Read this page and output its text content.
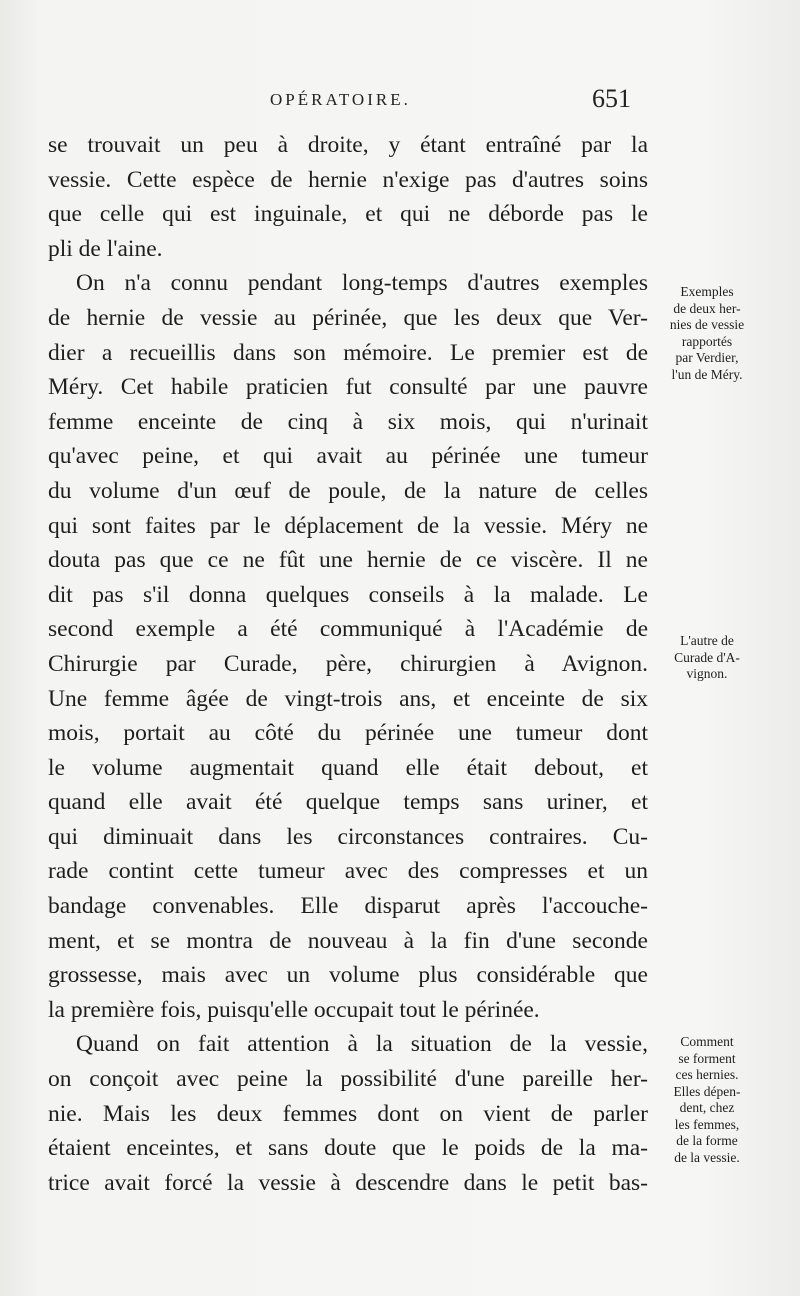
OPÉRATOIRE.	651
se trouvait un peu à droite, y étant entraîné par la
vessie. Cette espèce de hernie n'exige pas d'autres soins
que celle qui est inguinale, et qui ne déborde pas le
pli de l'aine.
On n'a connu pendant long-temps d'autres exemples
de hernie de vessie au périnée, que les deux que Ver-
dier a recueillis dans son mémoire. Le premier est de
Méry. Cet habile praticien fut consulté par une pauvre
femme enceinte de cinq à six mois, qui n'urinait
qu'avec peine, et qui avait au périnée une tumeur
du volume d'un œuf de poule, de la nature de celles
qui sont faites par le déplacement de la vessie. Méry ne
douta pas que ce ne fût une hernie de ce viscère. Il ne
dit pas s'il donna quelques conseils à la malade. Le
second exemple a été communiqué à l'Académie de
Chirurgie par Curade, père, chirurgien à Avignon.
Une femme âgée de vingt-trois ans, et enceinte de six
mois, portait au côté du périnée une tumeur dont
le volume augmentait quand elle était debout, et
quand elle avait été quelque temps sans uriner, et
qui diminuait dans les circonstances contraires. Cu-
rade contint cette tumeur avec des compresses et un
bandage convenables. Elle disparut après l'accouche-
ment, et se montra de nouveau à la fin d'une seconde
grossesse, mais avec un volume plus considérable que
la première fois, puisqu'elle occupait tout le périnée.
Quand on fait attention à la situation de la vessie,
on conçoit avec peine la possibilité d'une pareille her-
nie. Mais les deux femmes dont on vient de parler
étaient enceintes, et sans doute que le poids de la ma-
trice avait forcé la vessie à descendre dans le petit bas-
Exemples
de deux her-
nies de vessie
rapportés
par Verdier,
l'un de Méry.
L'autre de
Curade d'A-
vignon.
Comment
se forment
ces hernies.
Elles dépen-
dent, chez
les femmes,
de la forme
de la vessie.
